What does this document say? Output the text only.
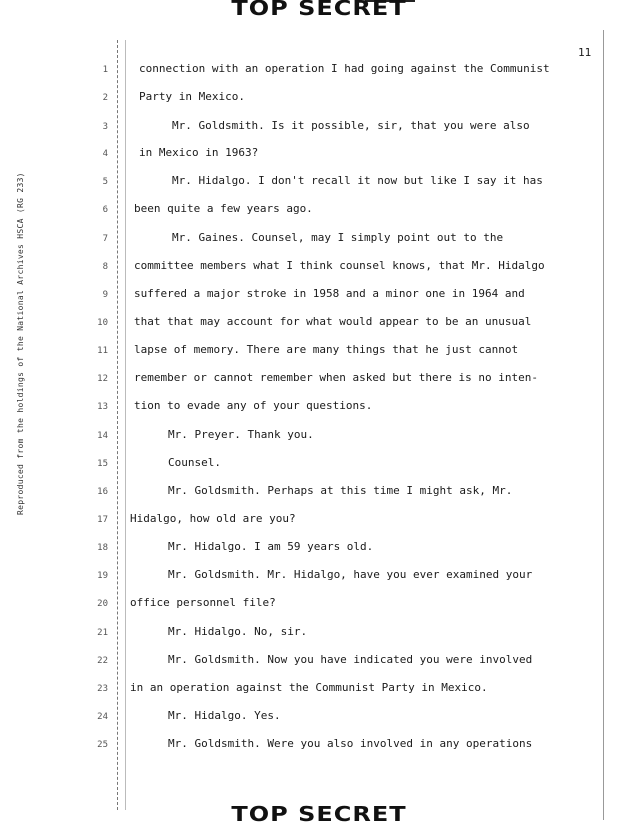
TOP SECRET
11
Reproduced from the holdings of the National Archives HSCA (RG 233)
1	connection with an operation I had going against the Communist
2	Party in Mexico.
3	Mr. Goldsmith. Is it possible, sir, that you were also
4	in Mexico in 1963?
5	Mr. Hidalgo. I don't recall it now but like I say it has
6 been quite a few years ago.
7	Mr. Gaines. Counsel, may I simply point out to the
8 committee members what I think counsel knows, that Mr. Hidalgo
9 suffered a major stroke in 1958 and a minor one in 1964 and
10 that that may account for what would appear to be an unusual
11 lapse of memory. There are many things that he just cannot
12 remember or cannot remember when asked but there is no inten-
13 tion to evade any of your questions.
14	Mr. Preyer. Thank you.
15	Counsel.
16	Mr. Goldsmith. Perhaps at this time I might ask, Mr.
17 Hidalgo, how old are you?
18	Mr. Hidalgo. I am 59 years old.
19	Mr. Goldsmith. Mr. Hidalgo, have you ever examined your
20 office personnel file?
21	Mr. Hidalgo. No, sir.
22	Mr. Goldsmith. Now you have indicated you were involved
23 in an operation against the Communist Party in Mexico.
24	Mr. Hidalgo. Yes.
25	Mr. Goldsmith. Were you also involved in any operations
TOP SECRET
